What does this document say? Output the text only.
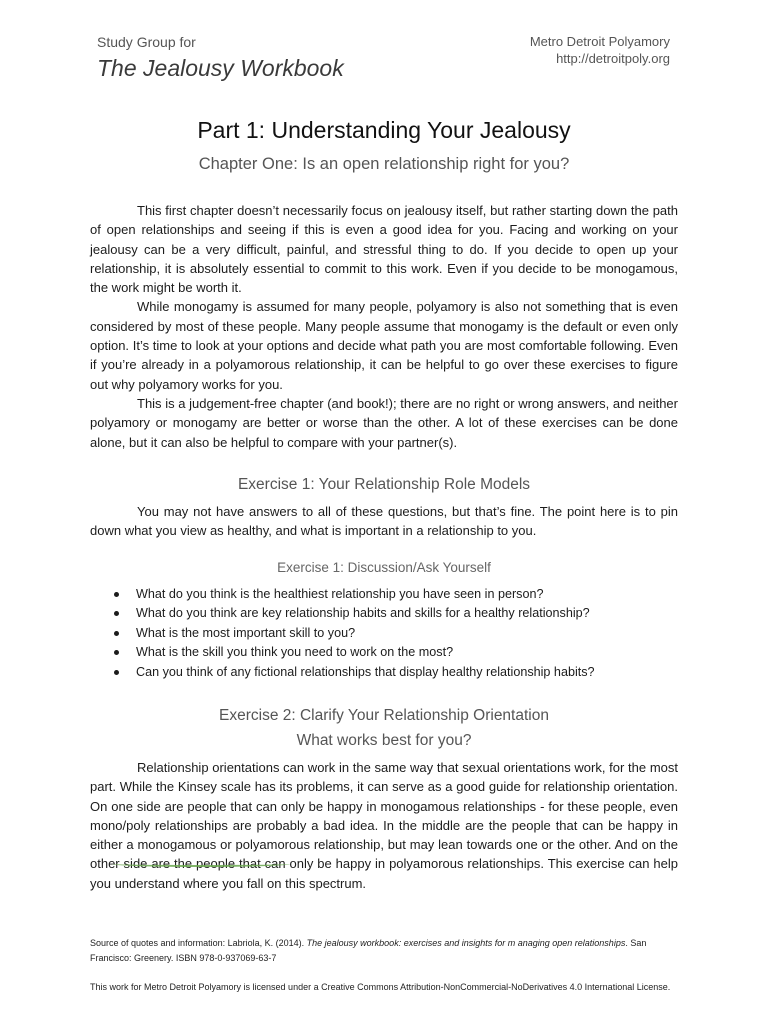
Study Group for
The Jealousy Workbook
Metro Detroit Polyamory
http://detroitpoly.org
Part 1: Understanding Your Jealousy
Chapter One: Is an open relationship right for you?

This first chapter doesn’t necessarily focus on jealousy itself, but rather starting down the path of open relationships and seeing if this is even a good idea for you. Facing and working on your jealousy can be a very difficult, painful, and stressful thing to do. If you decide to open up your relationship, it is absolutely essential to commit to this work. Even if you decide to be monogamous, the work might be worth it.

While monogamy is assumed for many people, polyamory is also not something that is even considered by most of these people. Many people assume that monogamy is the default or even only option. It’s time to look at your options and decide what path you are most comfortable following. Even if you’re already in a polyamorous relationship, it can be helpful to go over these exercises to figure out why polyamory works for you.

This is a judgement-free chapter (and book!); there are no right or wrong answers, and neither polyamory or monogamy are better or worse than the other. A lot of these exercises can be done alone, but it can also be helpful to compare with your partner(s).

Exercise 1: Your Relationship Role Models

You may not have answers to all of these questions, but that’s fine. The point here is to pin down what you view as healthy, and what is important in a relationship to you.

Exercise 1: Discussion/Ask Yourself
What do you think is the healthiest relationship you have seen in person?
What do you think are key relationship habits and skills for a healthy relationship?
What is the most important skill to you?
What is the skill you think you need to work on the most?
Can you think of any fictional relationships that display healthy relationship habits?
Exercise 2: Clarify Your Relationship Orientation
What works best for you?

Relationship orientations can work in the same way that sexual orientations work, for the most part. While the Kinsey scale has its problems, it can serve as a good guide for relationship orientation. On one side are people that can only be happy in monogamous relationships - for these people, even mono/poly relationships are probably a bad idea. In the middle are the people that can be happy in either a monogamous or polyamorous relationship, but may lean towards one or the other. And on the other side are the people that can only be happy in polyamorous relationships. This exercise can help you understand where you fall on this spectrum.

Source of quotes and information: Labriola, K. (2014). The jealousy workbook: exercises and insights for m anaging open relationships. San Francisco: Greenery. ISBN 978-0-937069-63-7
This work for Metro Detroit Polyamory is licensed under a Creative Commons Attribution-NonCommercial-NoDerivatives 4.0 International License.
